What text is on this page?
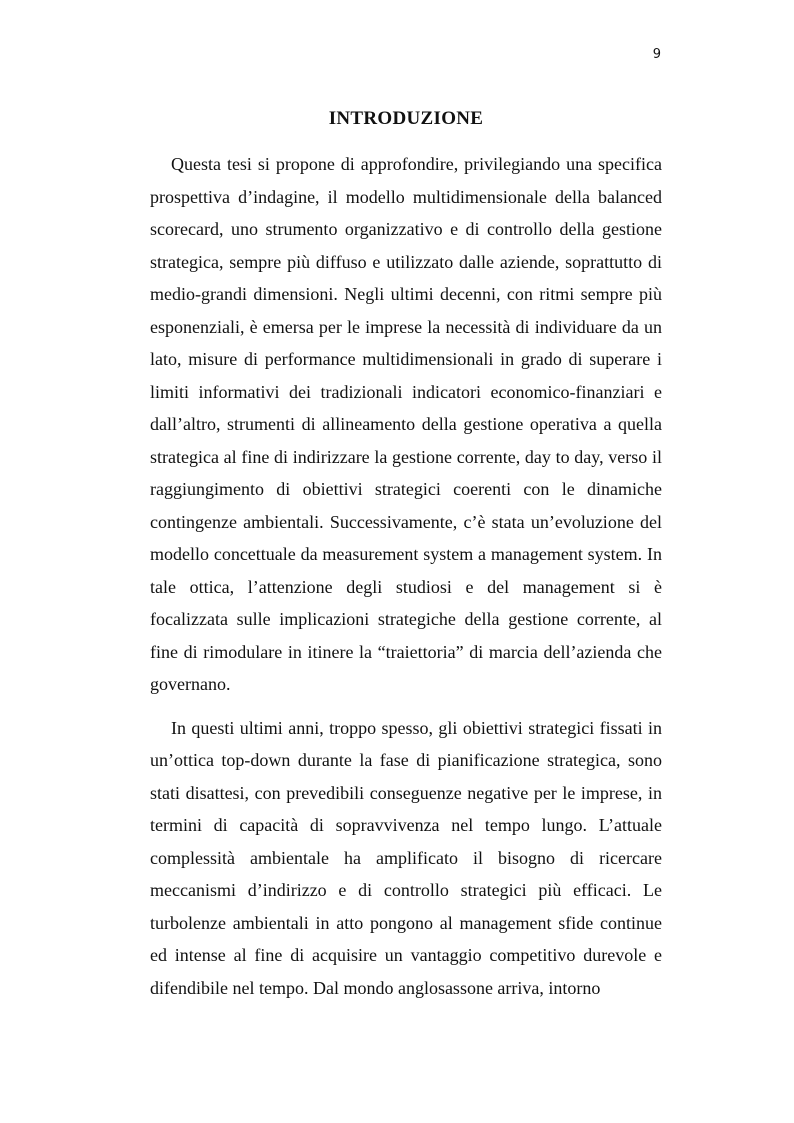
9
INTRODUZIONE

Questa tesi si propone di approfondire, privilegiando una specifica prospettiva d’indagine, il modello multidimensionale della balanced scorecard, uno strumento organizzativo e di controllo della gestione strategica, sempre più diffuso e utilizzato dalle aziende, soprattutto di medio-grandi dimensioni. Negli ultimi decenni, con ritmi sempre più esponenziali, è emersa per le imprese la necessità di individuare da un lato, misure di performance multidimensionali in grado di superare i limiti informativi dei tradizionali indicatori economico-finanziari e dall’altro, strumenti di allineamento della gestione operativa a quella strategica al fine di indirizzare la gestione corrente, day to day, verso il raggiungimento di obiettivi strategici coerenti con le dinamiche contingenze ambientali. Successivamente, c’è stata un’evoluzione del modello concettuale da measurement system a management system. In tale ottica, l’attenzione degli studiosi e del management si è focalizzata sulle implicazioni strategiche della gestione corrente, al fine di rimodulare in itinere la “traiettoria” di marcia dell’azienda che governano.

In questi ultimi anni, troppo spesso, gli obiettivi strategici fissati in un’ottica top-down durante la fase di pianificazione strategica, sono stati disattesi, con prevedibili conseguenze negative per le imprese, in termini di capacità di sopravvivenza nel tempo lungo. L’attuale complessità ambientale ha amplificato il bisogno di ricercare meccanismi d’indirizzo e di controllo strategici più efficaci. Le turbolenze ambientali in atto pongono al management sfide continue ed intense al fine di acquisire un vantaggio competitivo durevole e difendibile nel tempo. Dal mondo anglosassone arriva, intorno
